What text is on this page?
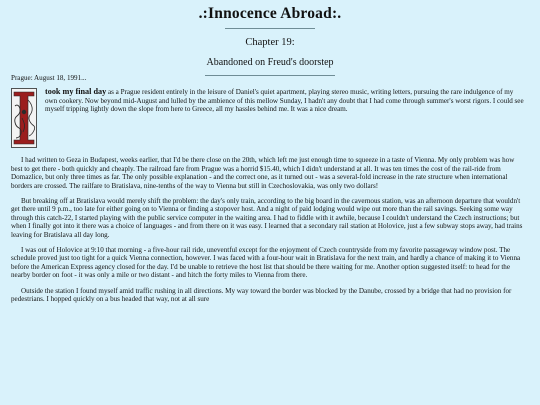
.:Innocence Abroad:.
Chapter 19:
Abandoned on Freud's doorstep
Prague: August 18, 1991...
took my final day as a Prague resident entirely in the leisure of Daniel's quiet apartment, playing stereo music, writing letters, pursuing the rare indulgence of my own cookery. Now beyond mid-August and lulled by the ambience of this mellow Sunday, I hadn't any doubt that I had come through summer's worst rigors. I could see myself tripping lightly down the slope from here to Greece, all my hassles behind me. It was a nice dream.

I had written to Geza in Budapest, weeks earlier, that I'd be there close on the 20th, which left me just enough time to squeeze in a taste of Vienna. My only problem was how best to get there - both quickly and cheaply. The railroad fare from Prague was a horrid $15.40, which I didn't understand at all. It was ten times the cost of the rail-ride from Domazlice, but only three times as far. The only possible explanation - and the correct one, as it turned out - was a several-fold increase in the rate structure when international borders are crossed. The railfare to Bratislava, nine-tenths of the way to Vienna but still in Czechoslovakia, was only two dollars!

But breaking off at Bratislava would merely shift the problem: the day's only train, according to the big board in the cavernous station, was an afternoon departure that wouldn't get there until 9 p.m., too late for either going on to Vienna or finding a stopover host. And a night of paid lodging would wipe out more than the rail savings. Seeking some way through this catch-22, I started playing with the public service computer in the waiting area. I had to fiddle with it awhile, because I couldn't understand the Czech instructions; but when I finally got into it there was a choice of languages - and from there on it was easy. I learned that a secondary rail station at Holovice, just a few subway stops away, had trains leaving for Bratislava all day long.

I was out of Holovice at 9:10 that morning - a five-hour rail ride, uneventful except for the enjoyment of Czech countryside from my favorite passageway window post. The schedule proved just too tight for a quick Vienna connection, however. I was faced with a four-hour wait in Bratislava for the next train, and hardly a chance of making it to Vienna before the American Express agency closed for the day. I'd be unable to retrieve the host list that should be there waiting for me. Another option suggested itself: to head for the nearby border on foot - it was only a mile or two distant - and hitch the forty miles to Vienna from there.

Outside the station I found myself amid traffic rushing in all directions. My way toward the border was blocked by the Danube, crossed by a bridge that had no provision for pedestrians. I hopped quickly on a bus headed that way, not at all sure
